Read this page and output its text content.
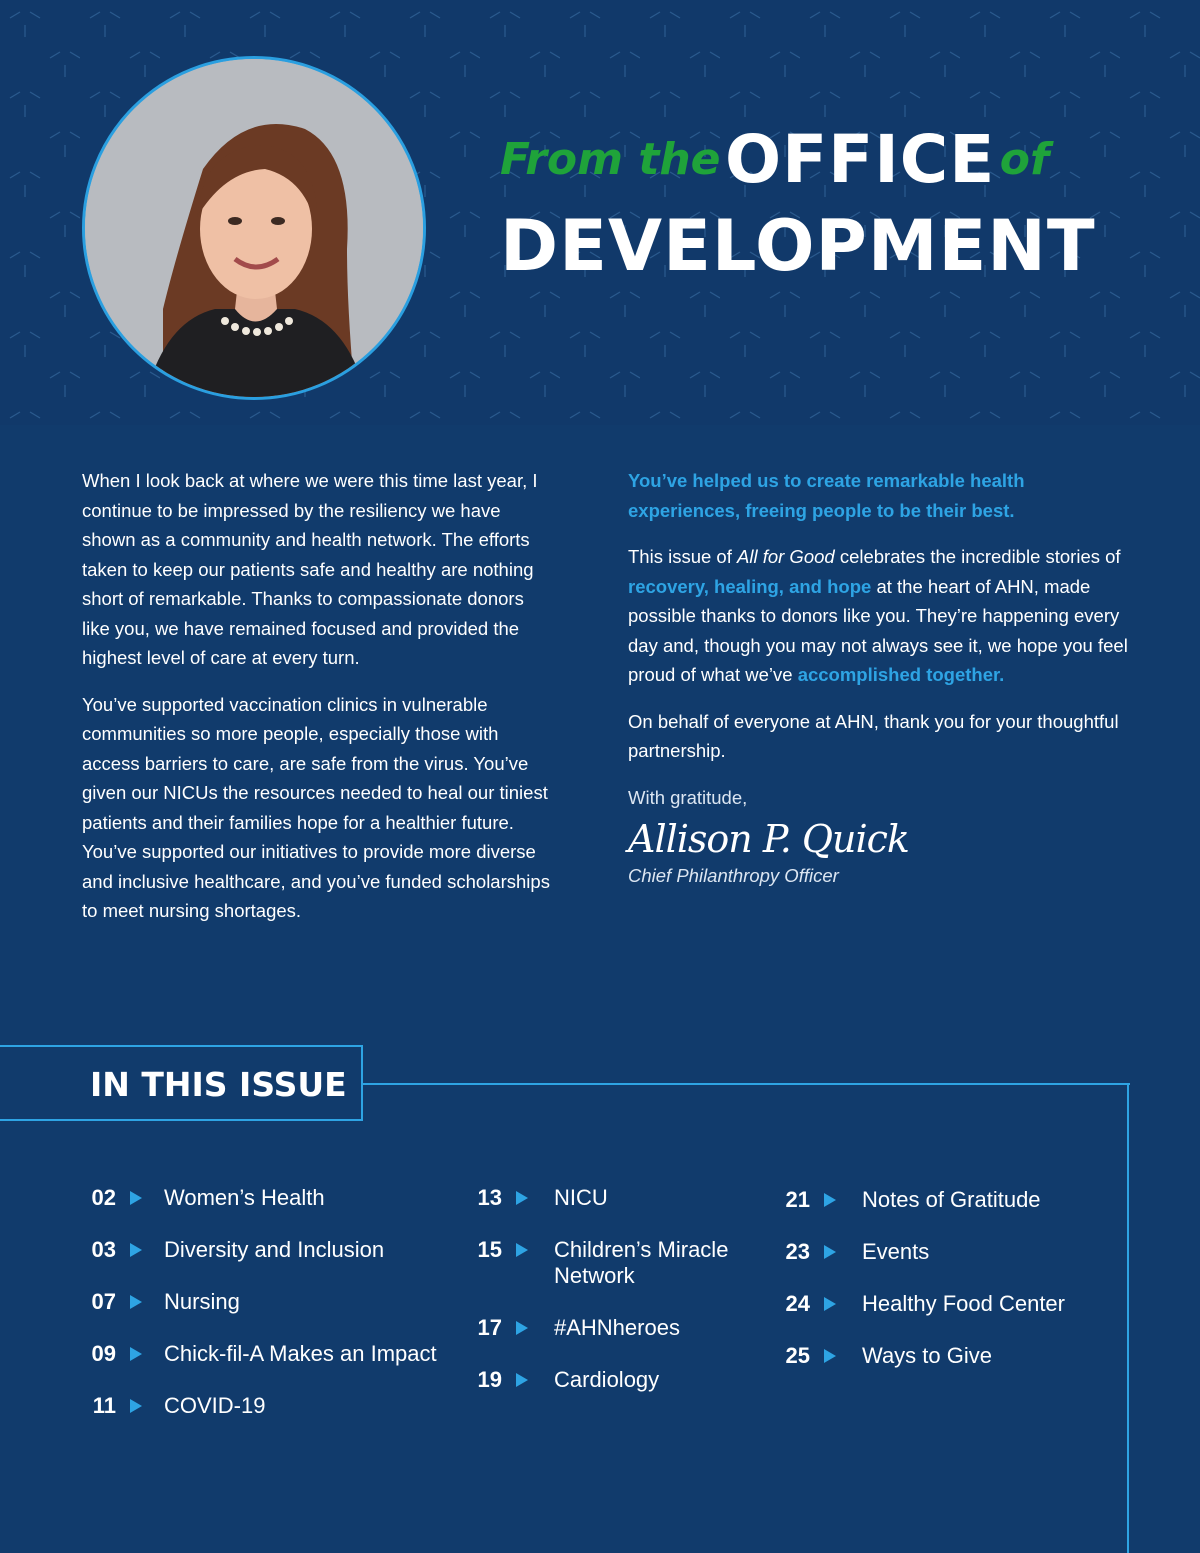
From the OFFICE of
DEVELOPMENT

When I look back at where we were this time last year, I continue to be impressed by the resiliency we have shown as a community and health network. The efforts taken to keep our patients safe and healthy are nothing short of remarkable. Thanks to compassionate donors like you, we have remained focused and provided the highest level of care at every turn.

You’ve supported vaccination clinics in vulnerable communities so more people, especially those with access barriers to care, are safe from the virus. You’ve given our NICUs the resources needed to heal our tiniest patients and their families hope for a healthier future. You’ve supported our initiatives to provide more diverse and inclusive healthcare, and you’ve funded scholarships to meet nursing shortages.

You’ve helped us to create remarkable health experiences, freeing people to be their best.

This issue of All for Good celebrates the incredible stories of recovery, healing, and hope at the heart of AHN, made possible thanks to donors like you. They’re happening every day and, though you may not always see it, we hope you feel proud of what we’ve accomplished together.

On behalf of everyone at AHN, thank you for your thoughtful partnership.

With gratitude,
Allison P. Quick
Chief Philanthropy Officer
IN THIS ISSUE
02 Women’s Health
03 Diversity and Inclusion
07 Nursing
09 Chick-fil-A Makes an Impact
11 COVID-19
13 NICU
15 Children’s Miracle
Network
17 #AHNheroes
19 Cardiology
21 Notes of Gratitude
23 Events
24 Healthy Food Center
25 Ways to Give
